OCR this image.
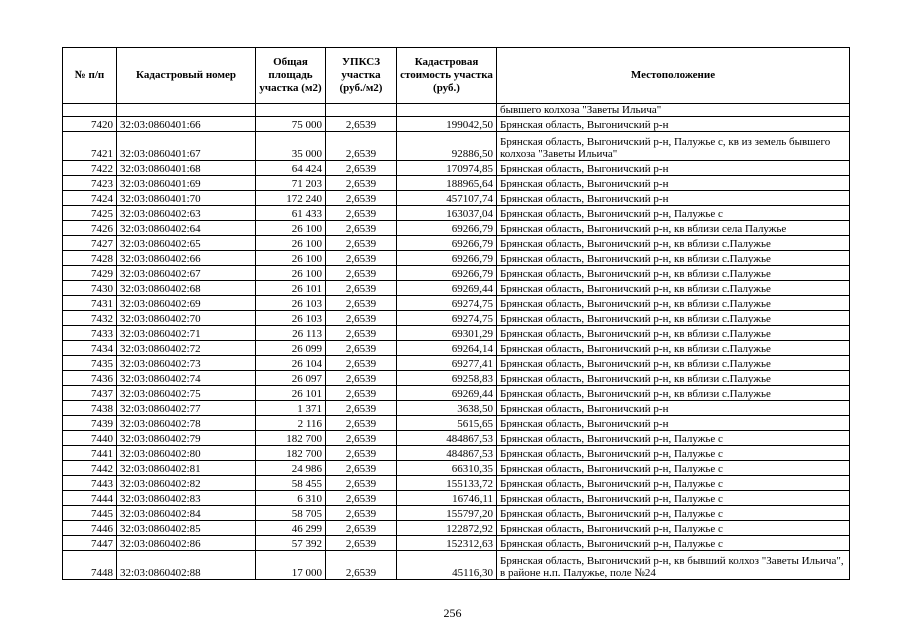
№ п/п	Кадастровый номер	Общая площадь участка (м2)	УПКСЗ участка (руб./м2)	Кадастровая стоимость участка (руб.)	Местоположение
					бывшего колхоза "Заветы Ильича"
7420	32:03:0860401:66	75 000	2,6539	199042,50	Брянская область, Выгоничский р-н
7421	32:03:0860401:67	35 000	2,6539	92886,50	Брянская область, Выгоничский р-н, Палужье с, кв из земель бывшего колхоза "Заветы Ильича"
7422	32:03:0860401:68	64 424	2,6539	170974,85	Брянская область, Выгоничский р-н
7423	32:03:0860401:69	71 203	2,6539	188965,64	Брянская область, Выгоничский р-н
7424	32:03:0860401:70	172 240	2,6539	457107,74	Брянская область, Выгоничский р-н
7425	32:03:0860402:63	61 433	2,6539	163037,04	Брянская область, Выгоничский р-н, Палужье с
7426	32:03:0860402:64	26 100	2,6539	69266,79	Брянская область, Выгоничский р-н, кв вблизи села Палужье
7427	32:03:0860402:65	26 100	2,6539	69266,79	Брянская область, Выгоничский р-н, кв вблизи с.Палужье
7428	32:03:0860402:66	26 100	2,6539	69266,79	Брянская область, Выгоничский р-н, кв вблизи с.Палужье
7429	32:03:0860402:67	26 100	2,6539	69266,79	Брянская область, Выгоничский р-н, кв вблизи с.Палужье
7430	32:03:0860402:68	26 101	2,6539	69269,44	Брянская область, Выгоничский р-н, кв вблизи с.Палужье
7431	32:03:0860402:69	26 103	2,6539	69274,75	Брянская область, Выгоничский р-н, кв вблизи с.Палужье
7432	32:03:0860402:70	26 103	2,6539	69274,75	Брянская область, Выгоничский р-н, кв вблизи с.Палужье
7433	32:03:0860402:71	26 113	2,6539	69301,29	Брянская область, Выгоничский р-н, кв вблизи с.Палужье
7434	32:03:0860402:72	26 099	2,6539	69264,14	Брянская область, Выгоничский р-н, кв вблизи с.Палужье
7435	32:03:0860402:73	26 104	2,6539	69277,41	Брянская область, Выгоничский р-н, кв вблизи с.Палужье
7436	32:03:0860402:74	26 097	2,6539	69258,83	Брянская область, Выгоничский р-н, кв вблизи с.Палужье
7437	32:03:0860402:75	26 101	2,6539	69269,44	Брянская область, Выгоничский р-н, кв вблизи с.Палужье
7438	32:03:0860402:77	1 371	2,6539	3638,50	Брянская область, Выгоничский р-н
7439	32:03:0860402:78	2 116	2,6539	5615,65	Брянская область, Выгоничский р-н
7440	32:03:0860402:79	182 700	2,6539	484867,53	Брянская область, Выгоничский р-н, Палужье с
7441	32:03:0860402:80	182 700	2,6539	484867,53	Брянская область, Выгоничский р-н, Палужье с
7442	32:03:0860402:81	24 986	2,6539	66310,35	Брянская область, Выгоничский р-н, Палужье с
7443	32:03:0860402:82	58 455	2,6539	155133,72	Брянская область, Выгоничский р-н, Палужье с
7444	32:03:0860402:83	6 310	2,6539	16746,11	Брянская область, Выгоничский р-н, Палужье с
7445	32:03:0860402:84	58 705	2,6539	155797,20	Брянская область, Выгоничский р-н, Палужье с
7446	32:03:0860402:85	46 299	2,6539	122872,92	Брянская область, Выгоничский р-н, Палужье с
7447	32:03:0860402:86	57 392	2,6539	152312,63	Брянская область, Выгоничский р-н, Палужье с
7448	32:03:0860402:88	17 000	2,6539	45116,30	Брянская область, Выгоничский р-н, кв бывший колхоз "Заветы Ильича", в районе н.п. Палужье, поле №24
256
